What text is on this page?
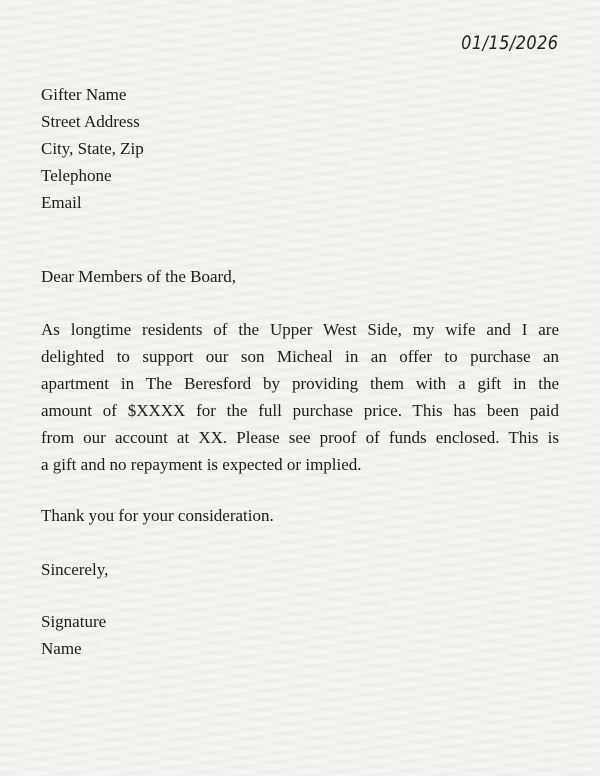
01/15/2026
Gifter Name
Street Address
City, State, Zip
Telephone
Email
Dear Members of the Board,
As longtime residents of the Upper West Side, my wife and I are
delighted to support our son Micheal in an offer to purchase an
apartment in The Beresford by providing them with a gift in the
amount of $XXXX for the full purchase price. This has been paid
from our account at XX. Please see proof of funds enclosed. This is
a gift and no repayment is expected or implied.
Thank you for your consideration.
Sincerely,
Signature
Name
